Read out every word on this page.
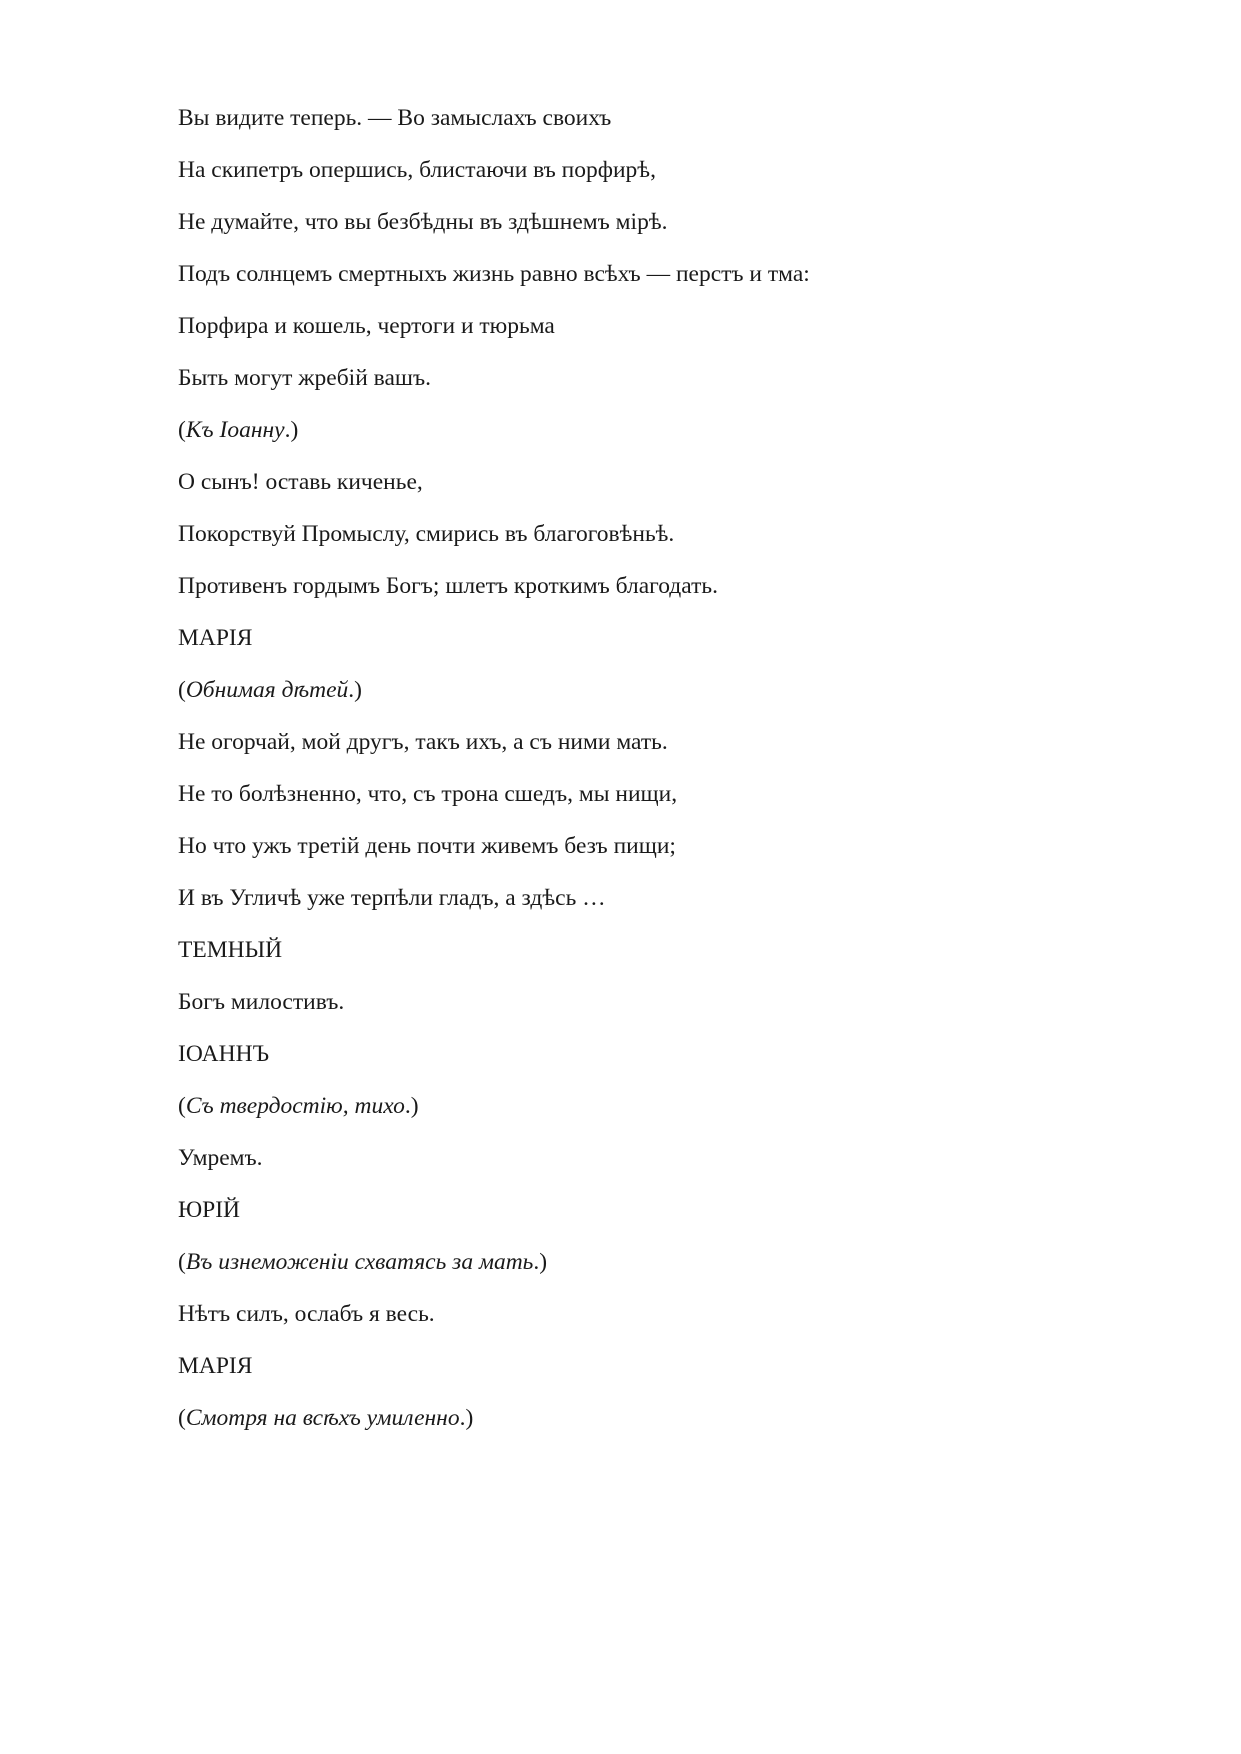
Вы видите теперь. — Во замыслахъ своихъ

На скипетръ опершись, блистаючи въ порфирѣ,

Не думайте, что вы безбѣдны въ здѣшнемъ мірѣ.

Подъ солнцемъ смертныхъ жизнь равно всѣхъ — перстъ и тма:

Порфира и кошель, чертоги и тюрьма

Быть могут жребій вашъ.

(Къ Іоанну.)

О сынъ! оставь киченье,

Покорствуй Промыслу, смирись въ благоговѣньѣ.

Противенъ гордымъ Богъ; шлетъ кроткимъ благодать.

МАРІЯ

(Обнимая дѣтей.)

Не огорчай, мой другъ, такъ ихъ, а съ ними мать.

Не то болѣзненно, что, съ трона сшедъ, мы нищи,

Но что ужъ третій день почти живемъ безъ пищи;

И въ Угличѣ уже терпѣли гладъ, а здѣсь …

ТЕМНЫЙ

Богъ милостивъ.

ІОАННЪ

(Съ твердостію, тихо.)

Умремъ.

ЮРІЙ

(Въ изнеможеніи схватясь за мать.)

Нѣтъ силъ, ослабъ я весь.

МАРІЯ

(Смотря на всѣхъ умиленно.)
